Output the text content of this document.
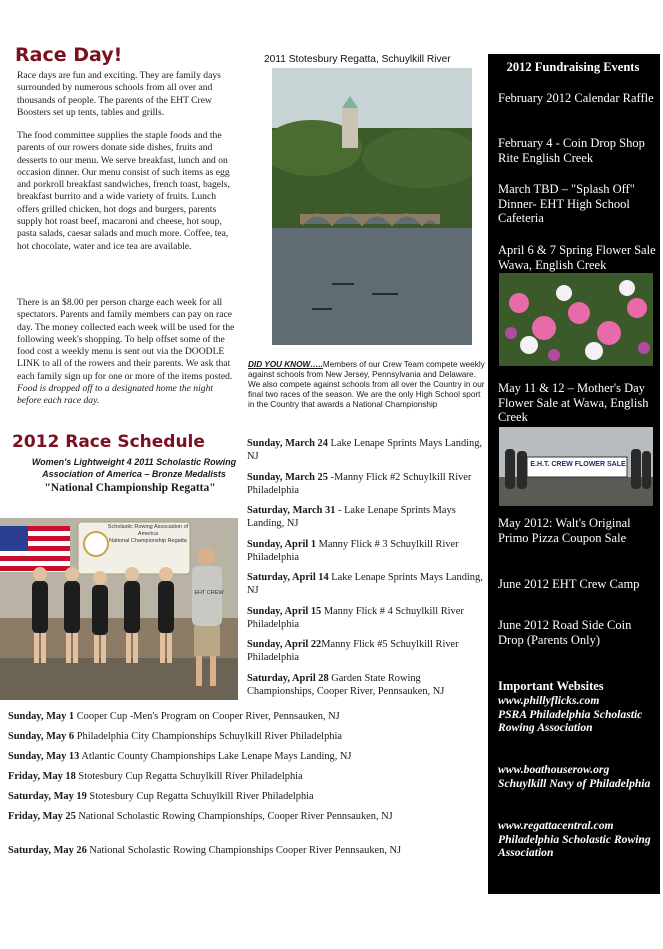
Race Day!

Race days are fun and exciting. They are family days surrounded by numerous schools from all over and thousands of people. The parents of the EHT Crew Boosters set up tents, tables and grills.

The food committee supplies the staple foods and the parents of our rowers donate side dishes, fruits and desserts to our menu. We serve breakfast, lunch and on occasion dinner. Our menu consist of such items as egg and porkroll breakfast sandwiches, french toast, bagels, breakfast burrito and a wide variety of fruits. Lunch offers grilled chicken, hot dogs and burgers, parents supply hot roast beef, macaroni and cheese, hot soup, pasta salads, caesar salads and much more. Coffee, tea, hot chocolate, water and ice tea are available.

There is an $8.00 per person charge each week for all spectators. Parents and family members can pay on race day. The money collected each week will be used for the following week's shopping. To help offset some of the food cost a weekly menu is sent out via the DOODLE LINK to all of the rowers and their parents. We ask that each family sign up for one or more of the items posted. Food is dropped off to a designated home the night before each race day.
2012 Race Schedule
Women's Lightweight 4 2011 Scholastic Rowing Association of America – Bronze Medalists
"National Championship Regatta"
Scholastic Rowing Association of America
National Championship Regatta
EHT CREW
2011 Stotesbury Regatta, Schuylkill River
DID YOU KNOW…..Members of our Crew Team compete weekly against schools from New Jersey, Pennsylvania and Delaware. We also compete against schools from all over the Country in our final two races of the season. We are the only High School sport in the Country that awards a National Championship

Sunday, March 24 Lake Lenape Sprints Mays Landing, NJ

Sunday, March 25 -Manny Flick #2 Schuylkill River Philadelphia

Saturday, March 31 - Lake Lenape Sprints Mays Landing, NJ

Sunday, April 1 Manny Flick # 3 Schuylkill River Philadelphia

Saturday, April 14 Lake Lenape Sprints Mays Landing, NJ

Sunday, April 15 Manny Flick # 4 Schuylkill River Philadelphia

Sunday, April 22Manny Flick #5 Schuylkill River Philadelphia

Saturday, April 28 Garden State Rowing Championships, Cooper River, Pennsauken, NJ

Sunday, May 1 Cooper Cup -Men's Program on Cooper River, Pennsauken, NJ

Sunday, May 6 Philadelphia City Championships Schuylkill River Philadelphia

Sunday, May 13 Atlantic County Championships Lake Lenape Mays Landing, NJ

Friday, May 18 Stotesbury Cup Regatta Schuylkill River Philadelphia

Saturday, May 19 Stotesbury Cup Regatta Schuylkill River Philadelphia

Friday, May 25 National Scholastic Rowing Championships, Cooper River Pennsauken, NJ

Saturday, May 26 National Scholastic Rowing Championships Cooper River Pennsauken, NJ

2012 Fundraising Events

February 2012 Calendar Raffle

February 4 - Coin Drop Shop Rite English Creek

March TBD – "Splash Off" Dinner- EHT High School Cafeteria

April 6 & 7 Spring Flower Sale Wawa, English Creek

May 11 & 12 – Mother's Day Flower Sale at Wawa, English Creek

E.H.T. CREW FLOWER SALE

May 2012: Walt's Original Primo Pizza Coupon Sale

June 2012 EHT Crew Camp

June 2012 Road Side Coin Drop (Parents Only)

Important Websites
www.phillyflicks.com
PSRA Philadelphia Scholastic Rowing Association
www.boathouserow.org
Schuylkill Navy of Philadelphia
www.regattacentral.com
Philadelphia Scholastic Rowing Association
